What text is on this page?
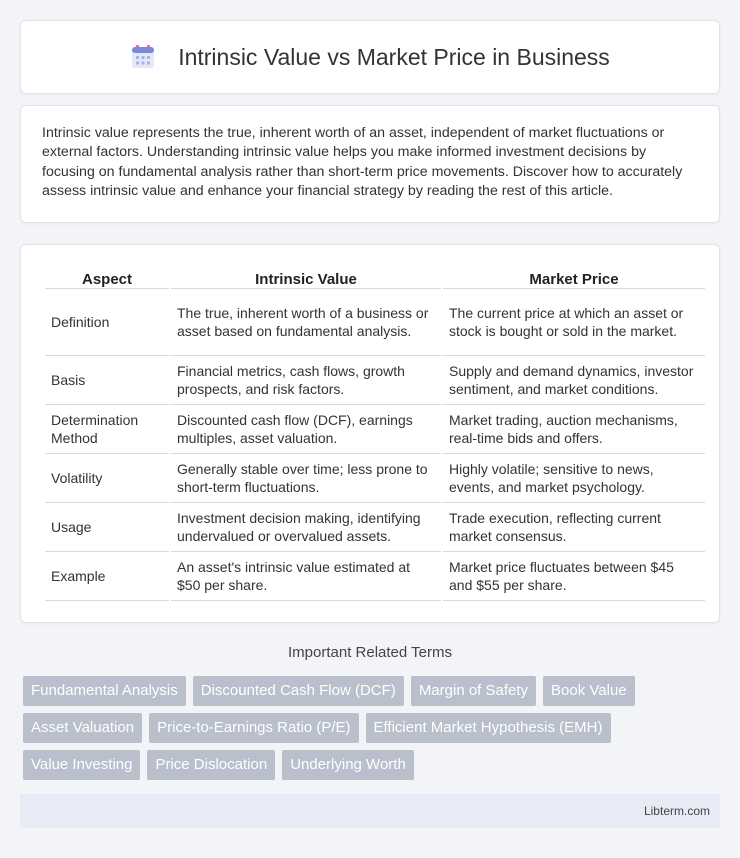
Intrinsic Value vs Market Price in Business

Intrinsic value represents the true, inherent worth of an asset, independent of market fluctuations or external factors. Understanding intrinsic value helps you make informed investment decisions by focusing on fundamental analysis rather than short-term price movements. Discover how to accurately assess intrinsic value and enhance your financial strategy by reading the rest of this article.

Aspect	Intrinsic Value	Market Price
Definition	The true, inherent worth of a business or asset based on fundamental analysis.	The current price at which an asset or stock is bought or sold in the market.
Basis	Financial metrics, cash flows, growth prospects, and risk factors.	Supply and demand dynamics, investor sentiment, and market conditions.
Determination Method	Discounted cash flow (DCF), earnings multiples, asset valuation.	Market trading, auction mechanisms, real-time bids and offers.
Volatility	Generally stable over time; less prone to short-term fluctuations.	Highly volatile; sensitive to news, events, and market psychology.
Usage	Investment decision making, identifying undervalued or overvalued assets.	Trade execution, reflecting current market consensus.
Example	An asset's intrinsic value estimated at $50 per share.	Market price fluctuates between $45 and $55 per share.
Important Related Terms
Fundamental Analysis	Discounted Cash Flow (DCF)	Margin of Safety	Book Value
Asset Valuation	Price-to-Earnings Ratio (P/E)	Efficient Market Hypothesis (EMH)
Value Investing	Price Dislocation	Underlying Worth
Libterm.com
